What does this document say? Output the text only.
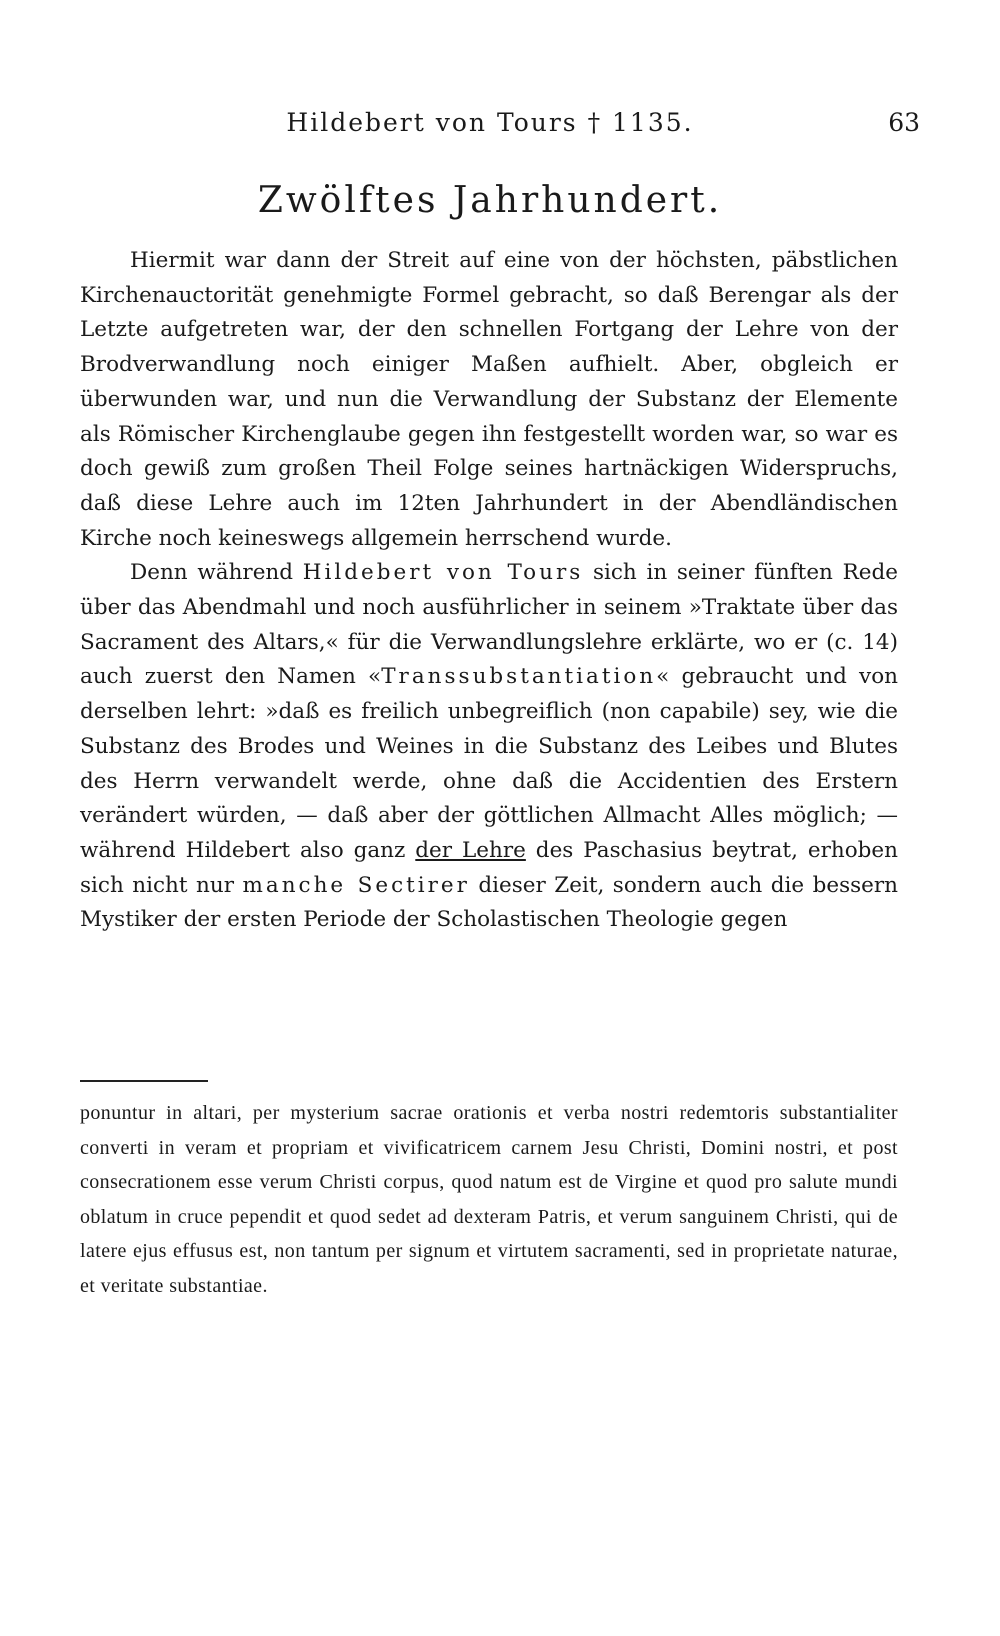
Hildebert von Tours † 1135.	63
Zwölftes Jahrhundert.

Hiermit war dann der Streit auf eine von der höchsten, päbstlichen Kirchenauctorität genehmigte Formel gebracht, so daß Berengar als der Letzte aufgetreten war, der den schnellen Fortgang der Lehre von der Brodverwandlung noch einiger Maßen aufhielt. Aber, obgleich er überwunden war, und nun die Verwandlung der Substanz der Elemente als Römischer Kirchenglaube gegen ihn festgestellt worden war, so war es doch gewiß zum großen Theil Folge seines hartnäckigen Widerspruchs, daß diese Lehre auch im 12ten Jahrhundert in der Abendländischen Kirche noch keineswegs allgemein herrschend wurde.

Denn während Hildebert von Tours sich in seiner fünften Rede über das Abendmahl und noch ausführlicher in seinem »Traktate über das Sacrament des Altars,« für die Verwandlungslehre erklärte, wo er (c. 14) auch zuerst den Namen «Transsubstantiation« gebraucht und von derselben lehrt: »daß es freilich unbegreiflich (non capabile) sey, wie die Substanz des Brodes und Weines in die Substanz des Leibes und Blutes des Herrn verwandelt werde, ohne daß die Accidentien des Erstern verändert würden, — daß aber der göttlichen Allmacht Alles möglich; — während Hildebert also ganz der Lehre des Paschasius beytrat, erhoben sich nicht nur manche Sectirer dieser Zeit, sondern auch die bessern Mystiker der ersten Periode der Scholastischen Theologie gegen

ponuntur in altari, per mysterium sacrae orationis et verba nostri redemtoris substantialiter converti in veram et propriam et vivificatricem carnem Jesu Christi, Domini nostri, et post consecrationem esse verum Christi corpus, quod natum est de Virgine et quod pro salute mundi oblatum in cruce pependit et quod sedet ad dexteram Patris, et verum sanguinem Christi, qui de latere ejus effusus est, non tantum per signum et virtutem sacramenti, sed in proprietate naturae, et veritate substantiae.
